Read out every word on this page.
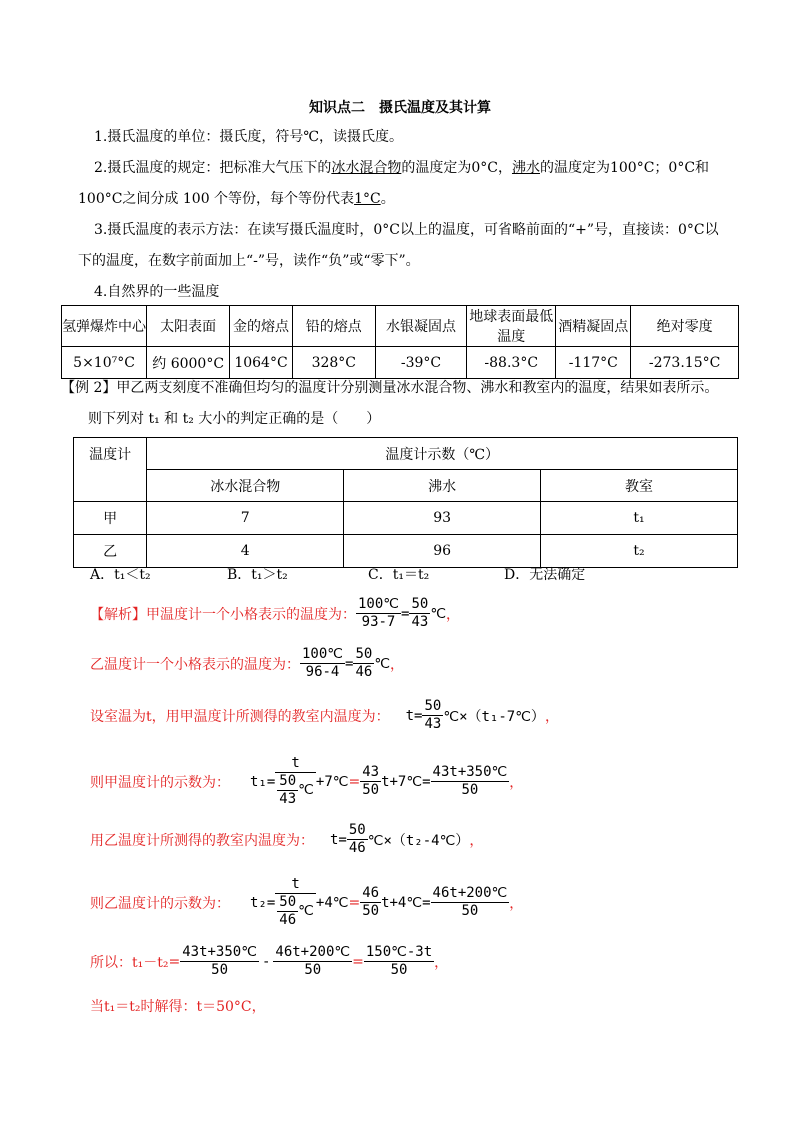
知识点二　摄氏温度及其计算
1.摄氏温度的单位：摄氏度，符号℃，读摄氏度。
2.摄氏温度的规定：把标准大气压下的冰水混合物的温度定为0°C，沸水的温度定为100°C；0°C和
100°C之间分成 100 个等份，每个等份代表1°C。
3.摄氏温度的表示方法：在读写摄氏温度时，0°C以上的温度，可省略前面的“+”号，直接读：0°C以
下的温度，在数字前面加上“-”号，读作“负”或“零下”。
4.自然界的一些温度
氢弹爆炸中心	太阳表面	金的熔点	铅的熔点	水银凝固点	地球表面最低温度	酒精凝固点	绝对零度
5×10⁷°C	约 6000°C	1064°C	328°C	-39°C	-88.3°C	-117°C	-273.15°C
【例 2】甲乙两支刻度不准确但均匀的温度计分别测量冰水混合物、沸水和教室内的温度，结果如表所示。
则下列对 t₁ 和 t₂ 大小的判定正确的是（　　）
温度计	温度计示数（℃）		
	冰水混合物	沸水	教室
甲	7	93	t₁
乙	4	96	t₂
A．t₁＜t₂	B．t₁＞t₂	C．t₁＝t₂	D．无法确定
【解析】甲温度计一个小格表示的温度为： $\frac{100℃}{93-7} = \frac{50}{43}$ ℃ ，
乙温度计一个小格表示的温度为： $\frac{100℃}{96-4} = \frac{50}{46}$ ℃ ，
设室温为t，用甲温度计所测得的教室内温度为： $t= \frac{50}{43}$ ℃×（t₁-7℃） ，
则甲温度计的示数为： $t_1= \frac{t}{\frac{50}{43} ℃}$ +7℃ = $\frac{43}{50}$ t+7℃ = $\frac{43t+350℃}{50}$ ，
用乙温度计所测得的教室内温度为： $t= \frac{50}{46}$ ℃×（t₂-4℃） ，
则乙温度计的示数为： $t_2= \frac{t}{\frac{50}{46} ℃}$ +4℃ = $\frac{46}{50}$ t+4℃ = $\frac{46t+200℃}{50}$ ，
所以：$t_1-t_2 = \frac{43t+350℃}{50} - \frac{46t+200℃}{50} = \frac{150℃-3t}{50}$ ，
当t₁＝t₂时解得：t＝50°C，
